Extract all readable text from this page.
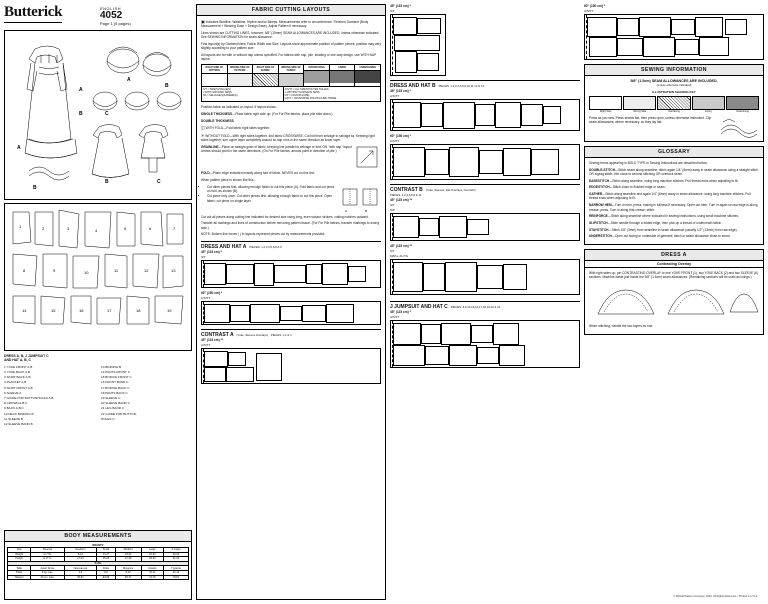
Butterick	ENGLISH
4052
Page 1 (5 pages)
A
B
A
B
B	C
A
B
C
1	2	3	4	5	6	7
8	9	10	11	12	13
14	15	16	17	18	19
DRESS A, B, J JUMPSUIT C
AND HAT A, B, C
1 YOKE FRONT A,B
2 YOKE BACK A,B
3 SKIRT BACK A,B
4 PLACKET A,B
5 SKIRT FRONT A,B
6 SLEEVE A
7 GUIDE FOR BUTTONHOLES A,B
8 CROWN A,B,C
9 BACK A,B,C
10 NECK BINDING B
11 SLEEVE B
12 SLEEVE BAND B
13 BINDING B
14 PANTS FRONT C
15 BODICE FRONT C
16 FRONT BAND C
17 BODICE BACK C
18 PANTS BACK C
19 SLEEVE C
20 SLEEVE BAND C
21 LEG BAND C
22 GUIDE FOR BUTTON-
HOLES C
BODY MEASUREMENTS
INFANTS'
Size	Preemie	Newborn	Small	Medium	Large	X-Large
Weight	to 7 lbs	8-12	13-17	18-21	22-25	26-29
Height	to 17 in.	17-24	25-26	27-28	29-30	31-32
BABE						
Taille	Avant Terme	Nouveau-né	Petite	Moyenne	Grande	T.grande
Poids	3 kg. max.	4-6	6-8	8-10	10-11	12-13
Hauteur	43 cm. max.	46-61	64-66	69-71	74-76	79-81
FABRIC CUTTING LAYOUTS

▣ Indicates Bustline, Waistline, Hipline and/or Biceps. Measurements refer to circumference. Finished Garment (Body Measurement + Wearing Ease + Design Ease). Adjust Pattern if necessary.

Lines shown are CUTTING LINES, however, 5/8" (15mm) SEAM ALLOWANCES ARE INCLUDED, unless otherwise indicated. See SEWING INFORMATION for seam allowance.

Find layout(s) by Garment/View, Fabric Width and Size. Layouts show approximate position of pattern pieces; position may vary slightly according to your pattern size.

All layouts are for with or without nap unless specified. For fabrics with nap, pile, shading or one-way design, use WITH NAP layout.

RIGHT SIDE OF PATTERN
WRONG SIDE OF PATTERN
RIGHT SIDE OF FABRIC
WRONG SIDE OF FABRIC
INTERFACING	LINING	UNDERLINING
S/T = SIZE(S)/TAILLE(S)
• WITH NAP/AVEC SENS
SS = SELVAGE(S)/LISIÈRE(S)
A/S/TT = ALL SIZES/TOUTES TAILLES
•• WITHOUT NAP/SANS SENS
F/P = FOLD/PLI(URE)
C/P/T = CROSSWISE FOLD/PLI/URE TRAME

Position fabric as indicated on layout. If layout shows...

SINGLE THICKNESS—Place fabric right side up. (For Fur Pile fabrics, place pile side down.)

DOUBLE THICKNESS

◫ WITH FOLD—Fold fabric right sides together.

✳ WITHOUT FOLD—With right sides together, fold fabric CROSSWISE. Cut fold from selvage to selvage ss. Keeping right sides together, turn upper layer completely around so nap runs in the same direction as lower layer.

GRAINLINE—Place on straight grain of fabric, keeping line parallel to selvage or fold. ON "with nap" layout arrows should point in the same directions. (On Fur Pile fabrics, arrows point in direction of pile.)

FOLD—Place edge indicated exactly along fold of fabric. NEVER cut on this line.

When pattern piece is shown like this...

• Cut other pieces first, allowing enough fabric to cut this piece (A). Fold fabric and cut piece on fold, as shown (B).
• Cut piece only once. Cut other pieces first, allowing enough fabric to cut this piece. Open fabric; cut piece on single layer.
A	B

Cut out all pieces along cutting line indicated for desired size using long, even scissor strokes, cutting notches outward.

Transfer all markings and lines of construction before removing pattern tissue. (For Fur Pile fabrics, transfer markings to wrong side.)

NOTE: Broken-line boxes ( ) in layouts represent pieces cut by measurements provided.

DRESS AND HAT A PIECES: 1,2,3,4,5,6,8 & 9
45" (115 cm) *
S/T
60" (150 cm) *
A/S/TT
CONTRAST A (Yoke, Sleeves Overlays) PIECES: 1,2 & 4
45" (115 cm) **
A/S/TT
45" (115 cm) *
S/T
DRESS AND HAT B PIECES: 1,2,3,4,5,8,9,10,11,12 & 13
45" (115 cm) *
A/S/TT
60" (150 cm) *
A/S/TT
CONTRAST B (Yoke, Sleeves, Hat Overlays, Overskirt)
PIECES: 1,2,3,5,8,9 & 11
45" (115 cm) **
S/T
S/P
45" (115 cm) **
S/T
M/M-L-XL/TG
J JUMPSUIT AND HAT C PIECES: 8,9,14,15,16,17,18,19,20 & 21
45" (115 cm) *
A/S/TT
60" (150 cm) *
A/S/TT
SEWING INFORMATION

5/8" (1.5cm) SEAM ALLOWANCES ARE INCLUDED,

(unless otherwise indicated)

ILLUSTRATION SHADING KEY

Right Side	Wrong Side	Interfacing	Lining	Underlining

Press as you sew. Press seams flat, then press open, unless otherwise instructed. Clip seam allowances, where necessary, so they lay flat.

GLOSSARY

Sewing terms appearing in BOLD TYPE in Sewing Instructions are described below.

DOUBLE-STITCH—Stitch seam along seamline; stitch again 1/4" (6mm) away in seam allowance using a straight stitch OR zigzag stitch; trim close to second stitching OR overlock seam.

EASESTITCH—Stitch along seamline, using long machine stitches. Pull thread ends when adjusting to fit.

EDGESTITCH—Stitch close to finished edge or seam.

GATHER—Stitch along seamline and again 1/4" (6mm) away in seam allowance; using long machine stitches. Pull thread ends when adjusting to fit.

NARROW HEM—Turn in hem, press, easing in fullness if necessary. Open out hem. Turn in again so raw edge is along crease; press. Turn in along first crease; stitch.

REINFORCE—Stitch along seamline where indicated in sewing instructions, using small machine stitches.

SLIPSTITCH—Slide needle through a folded edge, then pick up a thread of underneath fabric.

STAYSTITCH—Stitch 1/8" (3mm) from seamline in seam allowance (usually 1/2" (13mm) from raw edge).

UNDERSTITCH—Open out facing or underside of garment; stitch or seam allowance close to seam.

DRESS A
Contrasting Overlay

With right sides up, pin CONTRASTING OVERLAY to one YOKE FRONT (1), two YOKE BACK (2) and two SLEEVE (6) sections. Machine-baste just inside the 5/8" (1.5cm) seam allowances. (Remaining sections will be used as linings.)

When stitching, handle the two layers as one.

© McCall Pattern Company, 2003. All Rights Reserved. • Printed in U.S.A.
